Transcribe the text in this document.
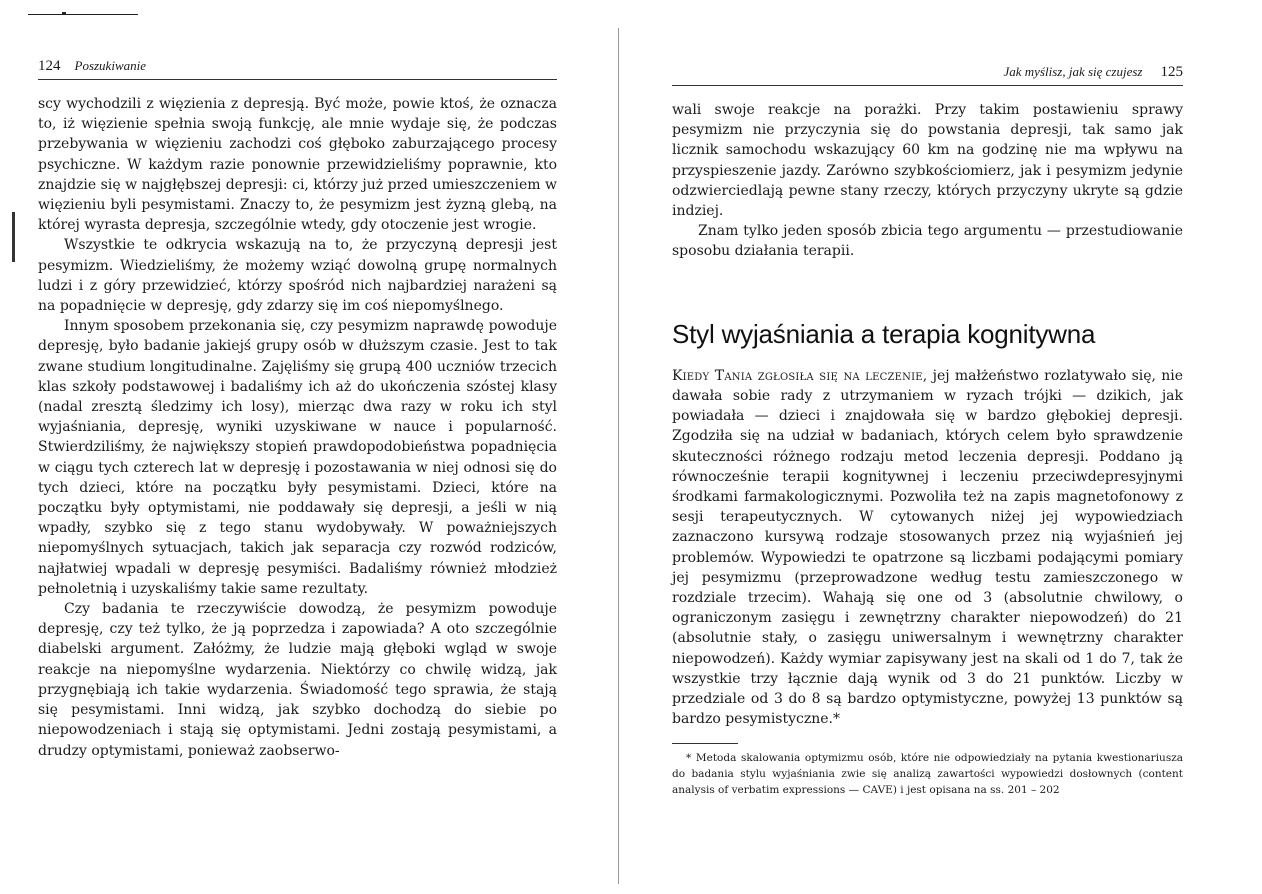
124 Poszukiwanie

scy wychodzili z więzienia z depresją. Być może, powie ktoś, że oznacza to, iż więzienie spełnia swoją funkcję, ale mnie wydaje się, że podczas przebywania w więzieniu zachodzi coś głęboko zaburzającego procesy psychiczne. W każdym razie ponownie przewidzieliśmy poprawnie, kto znajdzie się w najgłębszej depresji: ci, którzy już przed umieszczeniem w więzieniu byli pesymistami. Znaczy to, że pesymizm jest żyzną glebą, na której wyrasta depresja, szczególnie wtedy, gdy otoczenie jest wrogie.

Wszystkie te odkrycia wskazują na to, że przyczyną depresji jest pesymizm. Wiedzieliśmy, że możemy wziąć dowolną grupę normalnych ludzi i z góry przewidzieć, którzy spośród nich najbardziej narażeni są na popadnięcie w depresję, gdy zdarzy się im coś niepomyślnego.

Innym sposobem przekonania się, czy pesymizm naprawdę powoduje depresję, było badanie jakiejś grupy osób w dłuższym czasie. Jest to tak zwane studium longitudinalne. Zajęliśmy się grupą 400 uczniów trzecich klas szkoły podstawowej i badaliśmy ich aż do ukończenia szóstej klasy (nadal zresztą śledzimy ich losy), mierząc dwa razy w roku ich styl wyjaśniania, depresję, wyniki uzyskiwane w nauce i popularność. Stwierdziliśmy, że największy stopień prawdopodobieństwa popadnięcia w ciągu tych czterech lat w depresję i pozostawania w niej odnosi się do tych dzieci, które na początku były pesymistami. Dzieci, które na początku były optymistami, nie poddawały się depresji, a jeśli w nią wpadły, szybko się z tego stanu wydobywały. W poważniejszych niepomyślnych sytuacjach, takich jak separacja czy rozwód rodziców, najłatwiej wpadali w depresję pesymiści. Badaliśmy również młodzież pełnoletnią i uzyskaliśmy takie same rezultaty.

Czy badania te rzeczywiście dowodzą, że pesymizm powoduje depresję, czy też tylko, że ją poprzedza i zapowiada? A oto szczególnie diabelski argument. Załóżmy, że ludzie mają głęboki wgląd w swoje reakcje na niepomyślne wydarzenia. Niektórzy co chwilę widzą, jak przygnębiają ich takie wydarzenia. Świadomość tego sprawia, że stają się pesymistami. Inni widzą, jak szybko dochodzą do siebie po niepowodzeniach i stają się optymistami. Jedni zostają pesymistami, a drudzy optymistami, ponieważ zaobserwo-

Jak myślisz, jak się czujesz 125

wali swoje reakcje na porażki. Przy takim postawieniu sprawy pesymizm nie przyczynia się do powstania depresji, tak samo jak licznik samochodu wskazujący 60 km na godzinę nie ma wpływu na przyspieszenie jazdy. Zarówno szybkościomierz, jak i pesymizm jedynie odzwierciedlają pewne stany rzeczy, których przyczyny ukryte są gdzie indziej.

Znam tylko jeden sposób zbicia tego argumentu — przestudiowanie sposobu działania terapii.

Styl wyjaśniania a terapia kognitywna

Kiedy Tania zgłosiła się na leczenie, jej małżeństwo rozlatywało się, nie dawała sobie rady z utrzymaniem w ryzach trójki — dzikich, jak powiadała — dzieci i znajdowała się w bardzo głębokiej depresji. Zgodziła się na udział w badaniach, których celem było sprawdzenie skuteczności różnego rodzaju metod leczenia depresji. Poddano ją równocześnie terapii kognitywnej i leczeniu przeciwdepresyjnymi środkami farmakologicznymi. Pozwoliła też na zapis magnetofonowy z sesji terapeutycznych. W cytowanych niżej jej wypowiedziach zaznaczono kursywą rodzaje stosowanych przez nią wyjaśnień jej problemów. Wypowiedzi te opatrzone są liczbami podającymi pomiary jej pesymizmu (przeprowadzone według testu zamieszczonego w rozdziale trzecim). Wahają się one od 3 (absolutnie chwilowy, o ograniczonym zasięgu i zewnętrzny charakter niepowodzeń) do 21 (absolutnie stały, o zasięgu uniwersalnym i wewnętrzny charakter niepowodzeń). Każdy wymiar zapisywany jest na skali od 1 do 7, tak że wszystkie trzy łącznie dają wynik od 3 do 21 punktów. Liczby w przedziale od 3 do 8 są bardzo optymistyczne, powyżej 13 punktów są bardzo pesymistyczne.*

* Metoda skalowania optymizmu osób, które nie odpowiedziały na pytania kwestionariusza do badania stylu wyjaśniania zwie się analizą zawartości wypowiedzi dosłownych (content analysis of verbatim expressions — CAVE) i jest opisana na ss. 201 – 202
